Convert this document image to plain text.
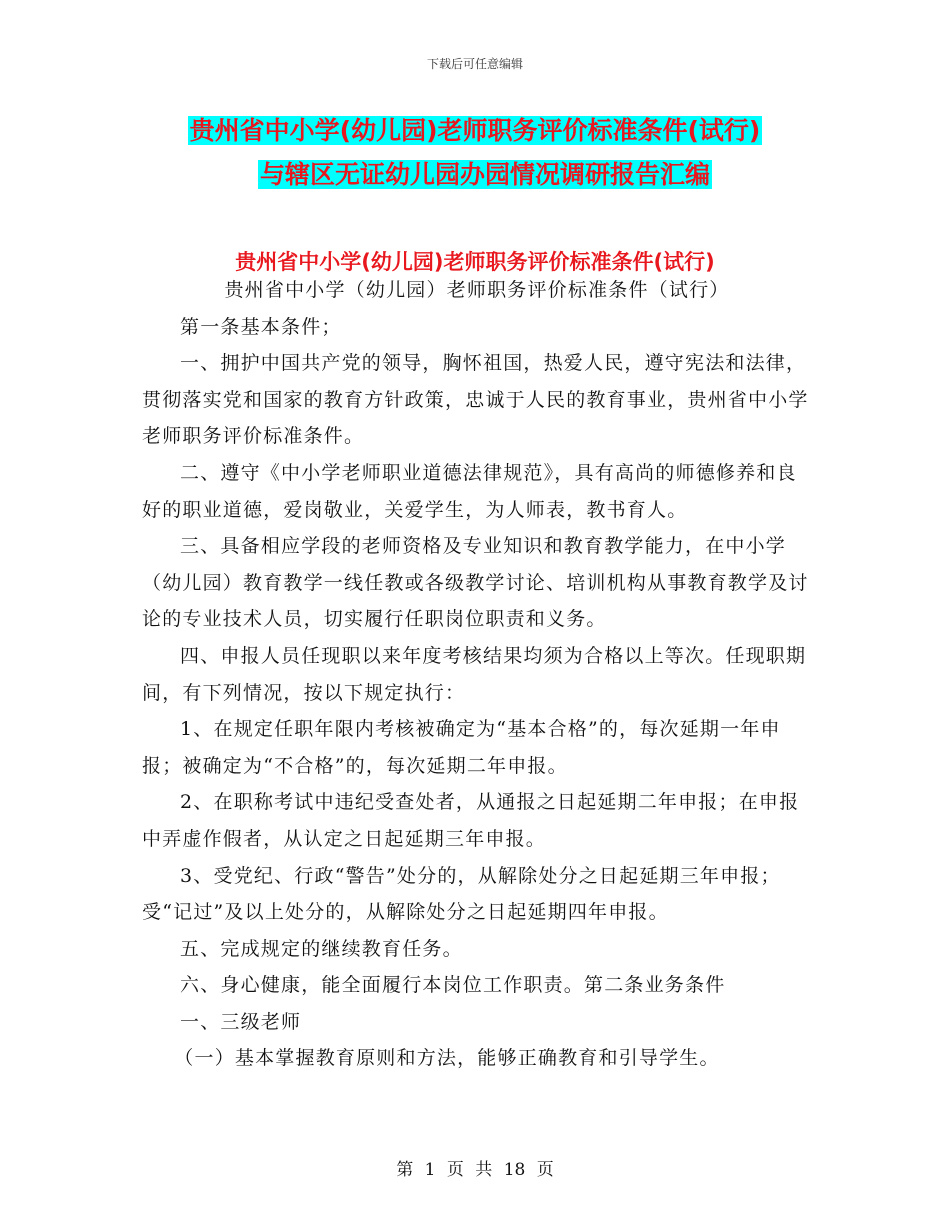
下载后可任意编辑
贵州省中小学(幼儿园)老师职务评价标准条件(试行)
与辖区无证幼儿园办园情况调研报告汇编
贵州省中小学(幼儿园)老师职务评价标准条件(试行)

贵州省中小学（幼儿园）老师职务评价标准条件（试行）

第一条基本条件；

一、拥护中国共产党的领导，胸怀祖国，热爱人民，遵守宪法和法律，贯彻落实党和国家的教育方针政策，忠诚于人民的教育事业，贵州省中小学老师职务评价标准条件。

二、遵守《中小学老师职业道德法律规范》，具有高尚的师德修养和良好的职业道德，爱岗敬业，关爱学生，为人师表，教书育人。

三、具备相应学段的老师资格及专业知识和教育教学能力，在中小学（幼儿园）教育教学一线任教或各级教学讨论、培训机构从事教育教学及讨论的专业技术人员，切实履行任职岗位职责和义务。

四、申报人员任现职以来年度考核结果均须为合格以上等次。任现职期间，有下列情况，按以下规定执行：

1、在规定任职年限内考核被确定为“基本合格”的，每次延期一年申报；被确定为“不合格”的，每次延期二年申报。

2、在职称考试中违纪受查处者，从通报之日起延期二年申报；在申报中弄虚作假者，从认定之日起延期三年申报。

3、受党纪、行政“警告”处分的，从解除处分之日起延期三年申报；受“记过”及以上处分的，从解除处分之日起延期四年申报。

五、完成规定的继续教育任务。

六、身心健康，能全面履行本岗位工作职责。第二条业务条件

一、三级老师

（一）基本掌握教育原则和方法，能够正确教育和引导学生。

第 1 页 共 18 页
